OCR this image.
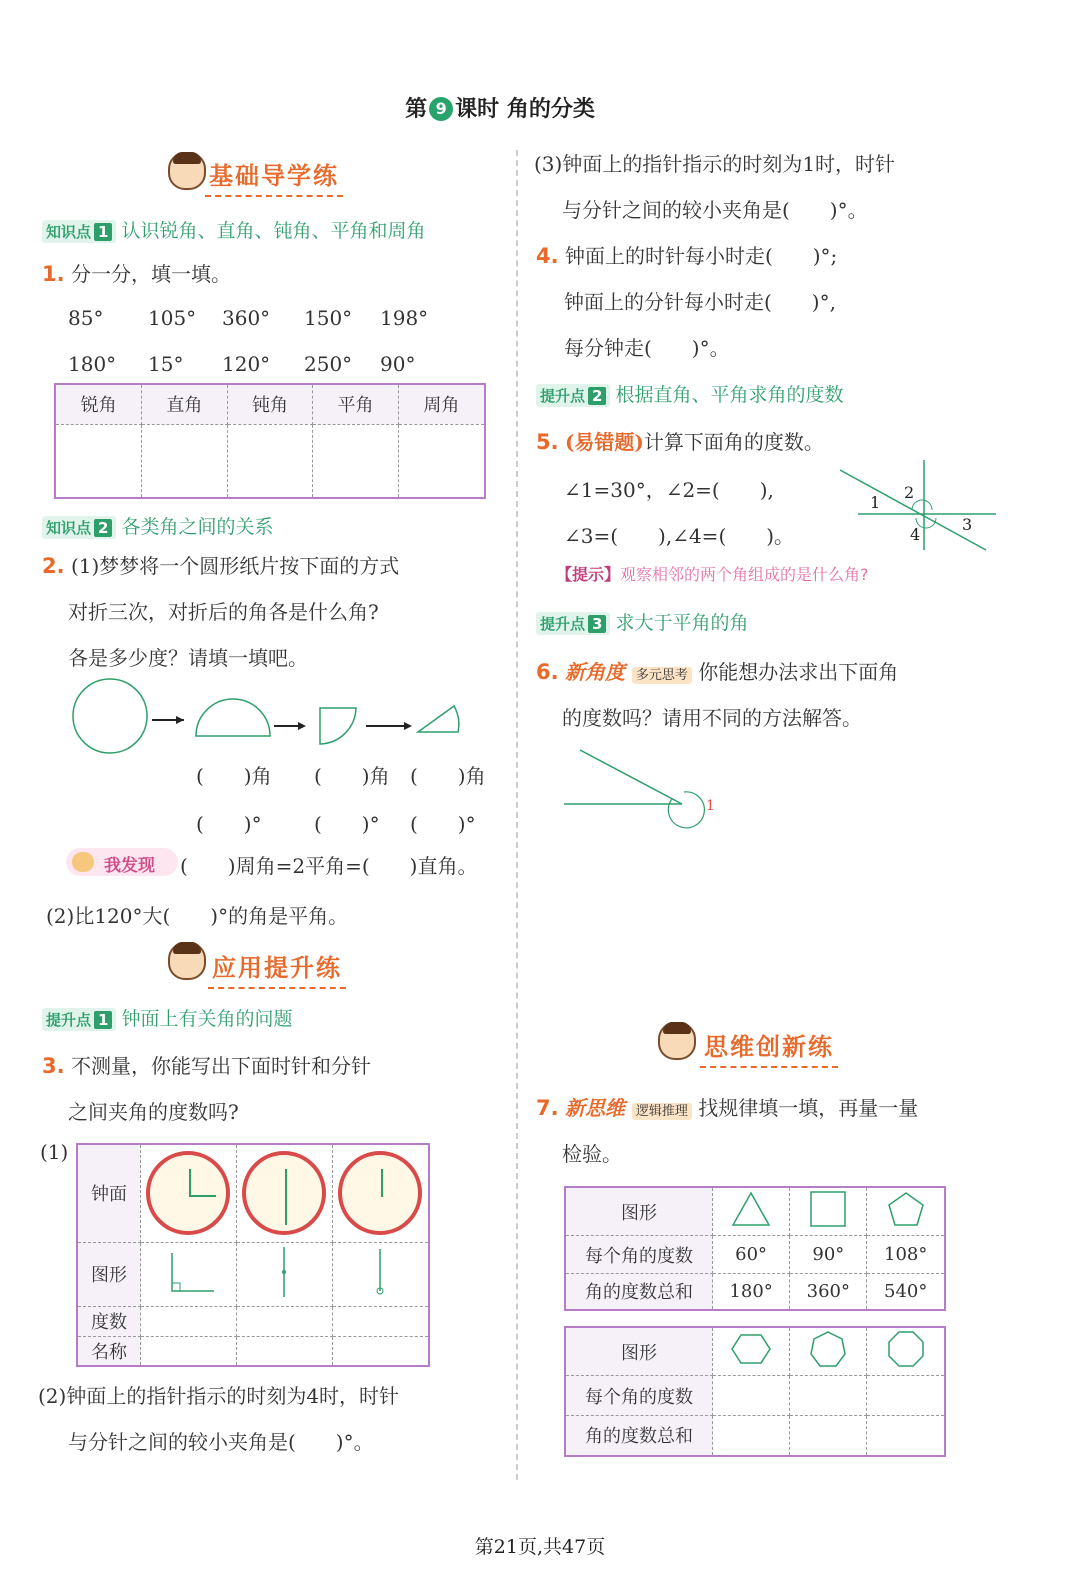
第 9 课时 角的分类
基础导学练
知识点 1 认识锐角、直角、钝角、平角和周角
1. 分一分，填一填。
85° 105° 360° 150° 198°
180° 15° 120° 250° 90°
锐角	直角	钝角	平角	周角

知识点 2 各类角之间的关系
2. (1)梦梦将一个圆形纸片按下面的方式
对折三次，对折后的角各是什么角?
各是多少度？请填一填吧。
(　　)角 (　　)角 (　　)角
(　　)°	(　　)° (　　)°
我发现 (　　)周角=2平角=(　　)直角。
(2)比120°大(　　)°的角是平角。
应用提升练
提升点 1 钟面上有关角的问题
3. 不测量，你能写出下面时针和分针
之间夹角的度数吗?
(1)
钟面	

图形			
度数			
名称			
(2)钟面上的指针指示的时刻为4时，时针
与分针之间的较小夹角是(　　)°。
(3)钟面上的指针指示的时刻为1时，时针
与分针之间的较小夹角是(　　)°。
4. 钟面上的时针每小时走(　　)°;
钟面上的分针每小时走(　　)°,
每分钟走(　　)°。
提升点 2 根据直角、平角求角的度数
5. (易错题)计算下面角的度数。
∠1=30°，∠2=(　　),
∠3=(　　),∠4=(　　)。
1
2
3
4
【提示】观察相邻的两个角组成的是什么角?
提升点 3 求大于平角的角
6. 新角度 多元思考 你能想办法求出下面角
的度数吗？请用不同的方法解答。
1
思维创新练
7. 新思维 逻辑推理 找规律填一填，再量一量
检验。
图形			
每个角的度数	60°	90°	108°
角的度数总和	180°	360°	540°
图形			
每个角的度数			
角的度数总和			
第21页,共47页
